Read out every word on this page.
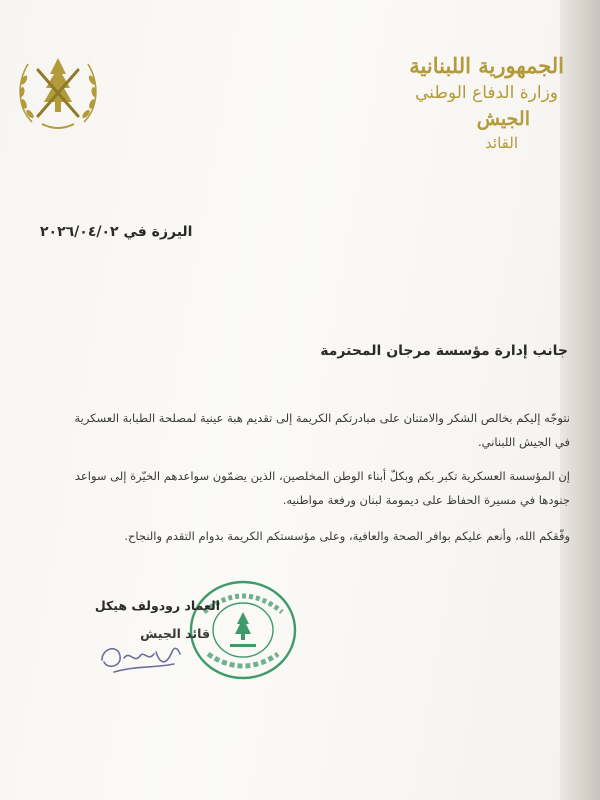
الجمهورية اللبنانية
وزارة الدفاع الوطني
الجيش
القائد
اليرزة في ٢٠٢٦/٠٤/٠٢
جانب إدارة مؤسسة مرجان المحترمة
نتوجّه إليكم بخالص الشكر والامتنان على مبادرتكم الكريمة إلى تقديم هبة عينية لمصلحة الطبابة العسكرية في الجيش اللبناني.
إن المؤسسة العسكرية تكبر بكم وبكلّ أبناء الوطن المخلصين، الذين يضمّون سواعدهم الخيّرة إلى سواعد جنودها في مسيرة الحفاظ على ديمومة لبنان ورفعة مواطنيه.
وفّقكم الله، وأنعم عليكم بوافر الصحة والعافية، وعلى مؤسستكم الكريمة بدوام التقدم والنجاح.
العماد رودولف هيكل
قائد الجيش
